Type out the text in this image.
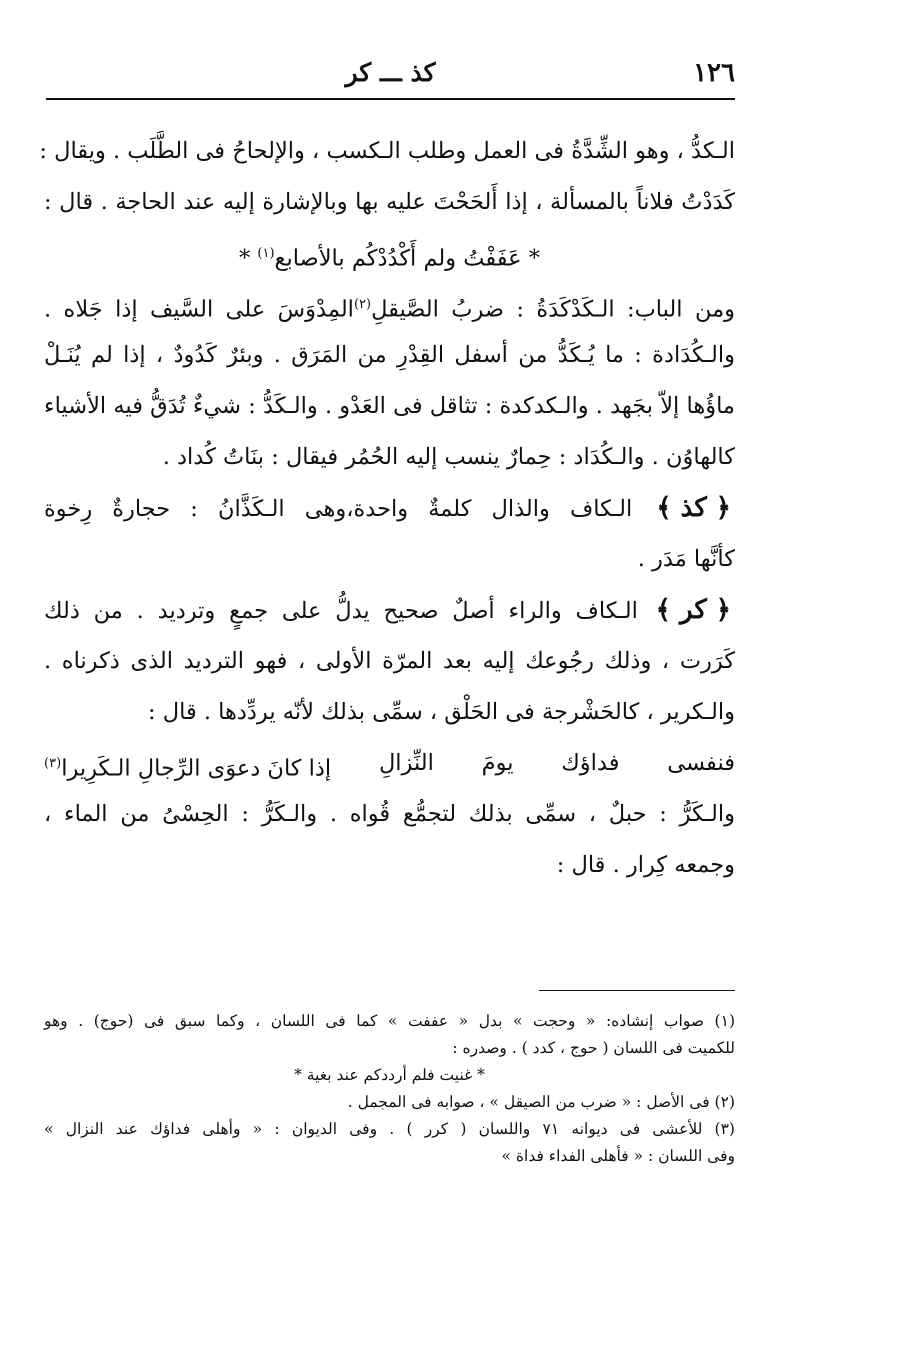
١٢٦
كذ ـــ كر
الـكدُّ ، وهو الشِّدَّةُ فى العمل وطلب الـكسب ، والإلحاحُ فى الطَّلَب . ويقال :
كَدَدْتُ فلاناً بالمسألة ، إذا أَلحَحْتَ عليه بها وبالإشارة إليه عند الحاجة . قال :
* عَفَفْتُ ولم أَكْدُدْكُم بالأصابع$^{(١)}$ *
ومن الباب: الـكَدْكَدَةُ : ضربُ الصَّيقلِ$^{(٢)}$المِدْوَسَ على السَّيف إذا جَلاه .
والـكُدَادة : ما يُـكَدُّ من أسفل القِدْرِ من المَرَق . وبئرٌ كَدُودٌ ، إذا لم يُنَـلْ
ماؤُها إلاّ بجَهد . والـكدكدة : تثاقل فى العَدْو . والـكَدُّ : شيءٌ تُدَقُّ فيه الأشياء
كالهاوُن . والـكُدَاد : حِمارٌ ينسب إليه الحُمُر فيقال : بنَاتُ كُداد .
﴿ كذ ﴾ الـكاف والذال كلمةٌ واحدة،وهى الـكَذَّانُ : حجارةٌ رِخوة
كأنَّها مَدَر .
﴿ كر ﴾ الـكاف والراء أصلٌ صحيح يدلُّ على جمعٍ وترديد . من ذلك
كَرَرت ، وذلك رجُوعك إليه بعد المرّة الأولى ، فهو الترديد الذى ذكرناه .
والـكرير ، كالحَشْرجة فى الحَلْق ، سمِّى بذلك لأنّه يردِّدها . قال :
فنفسى
فداؤك
يومَ
النِّزالِ
إذا كانَ دعوَى الرِّجالِ الـكَرِيرا$^{(٣)}$
والـكَرُّ : حبلٌ ، سمِّى بذلك لتجمُّع قُواه . والـكَرُّ : الحِسْىُ من الماء ،
وجمعه كِرار . قال :
(١) صواب إنشاده: « وحجت » بدل « عففت » كما فى اللسان ، وكما سبق فى (حوج) . وهو
للكميت فى اللسان ( حوج ، كدد ) . وصدره :
* غنيت فلم أرددكم عند بغية *
(٢) فى الأصل : « ضرب من الصيقل » ، صوابه فى المجمل .
(٣) للأعشى فى ديوانه ٧١ واللسان ( كرر ) . وفى الديوان : « وأهلى فداؤك عند النزال »
وفى اللسان : « فأهلى الفداء فداة »
